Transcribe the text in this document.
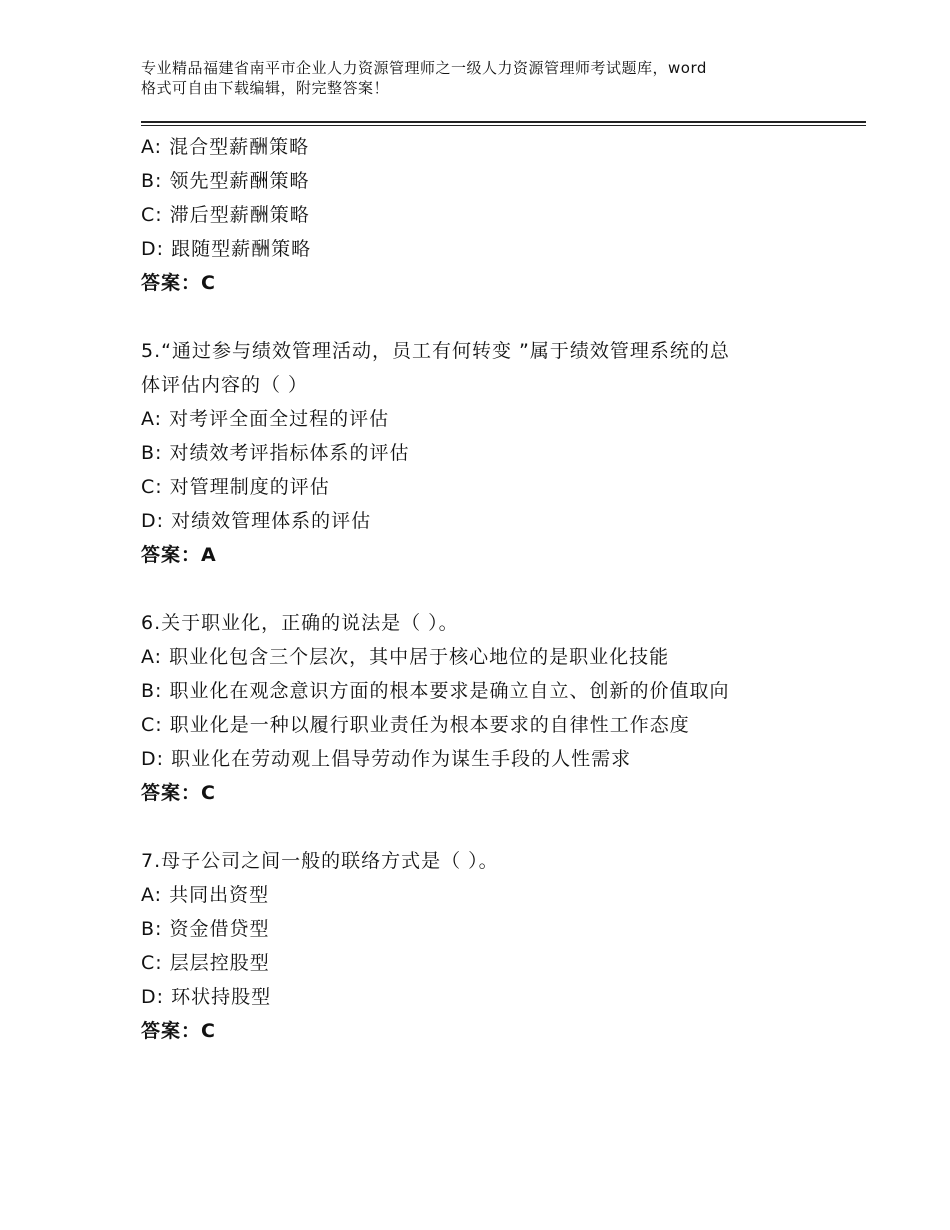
专业精品福建省南平市企业人力资源管理师之一级人力资源管理师考试题库，word
格式可自由下载编辑，附完整答案！
A: 混合型薪酬策略
B: 领先型薪酬策略
C: 滞后型薪酬策略
D: 跟随型薪酬策略
答案：C
5.“通过参与绩效管理活动，员工有何转变 ”属于绩效管理系统的总
体评估内容的（ ）
A: 对考评全面全过程的评估
B: 对绩效考评指标体系的评估
C: 对管理制度的评估
D: 对绩效管理体系的评估
答案：A
6.关于职业化，正确的说法是（ ）。
A: 职业化包含三个层次，其中居于核心地位的是职业化技能
B: 职业化在观念意识方面的根本要求是确立自立、创新的价值取向
C: 职业化是一种以履行职业责任为根本要求的自律性工作态度
D: 职业化在劳动观上倡导劳动作为谋生手段的人性需求
答案：C
7.母子公司之间一般的联络方式是（ ）。
A: 共同出资型
B: 资金借贷型
C: 层层控股型
D: 环状持股型
答案：C
